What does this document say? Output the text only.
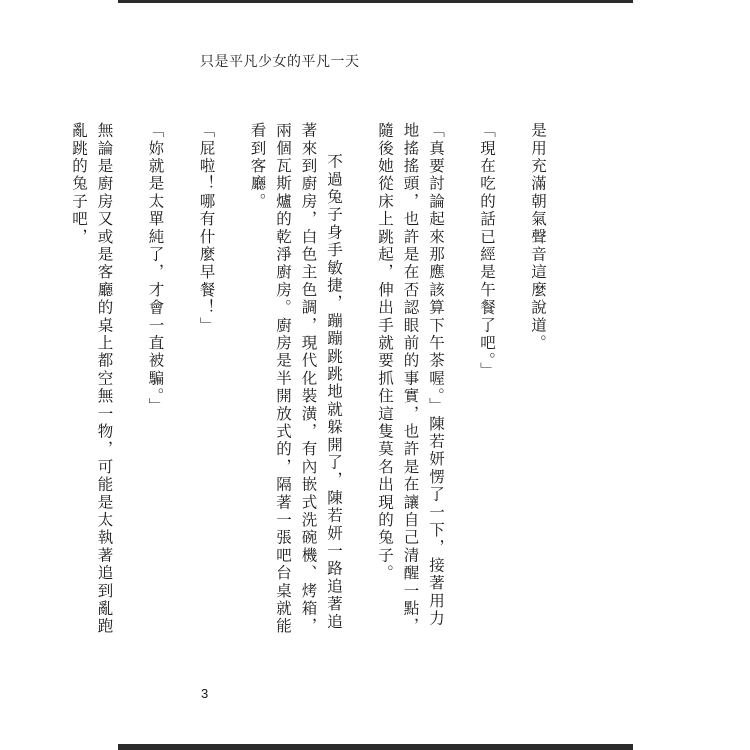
只是平凡少女的平凡一天

是用充滿朝氣聲音這麼說道。

「現在吃的話已經是午餐了吧。」

「真要討論起來那應該算下午茶喔。」陳若妍愣了一下，接著用力地搖搖頭，也許是在否認眼前的事實，也許是在讓自己清醒一點，隨後她從床上跳起，伸出手就要抓住這隻莫名出現的兔子。

不過兔子身手敏捷，蹦蹦跳跳地就躲開了，陳若妍一路追著追著來到廚房，白色主色調，現代化裝潢，有內嵌式洗碗機、烤箱，兩個瓦斯爐的乾淨廚房。廚房是半開放式的，隔著一張吧台桌就能看到客廳。

「屁啦！哪有什麼早餐！」

「妳就是太單純了，才會一直被騙。」

無論是廚房又或是客廳的桌上都空無一物，可能是太執著追到亂跑亂跳的兔子吧，

3
